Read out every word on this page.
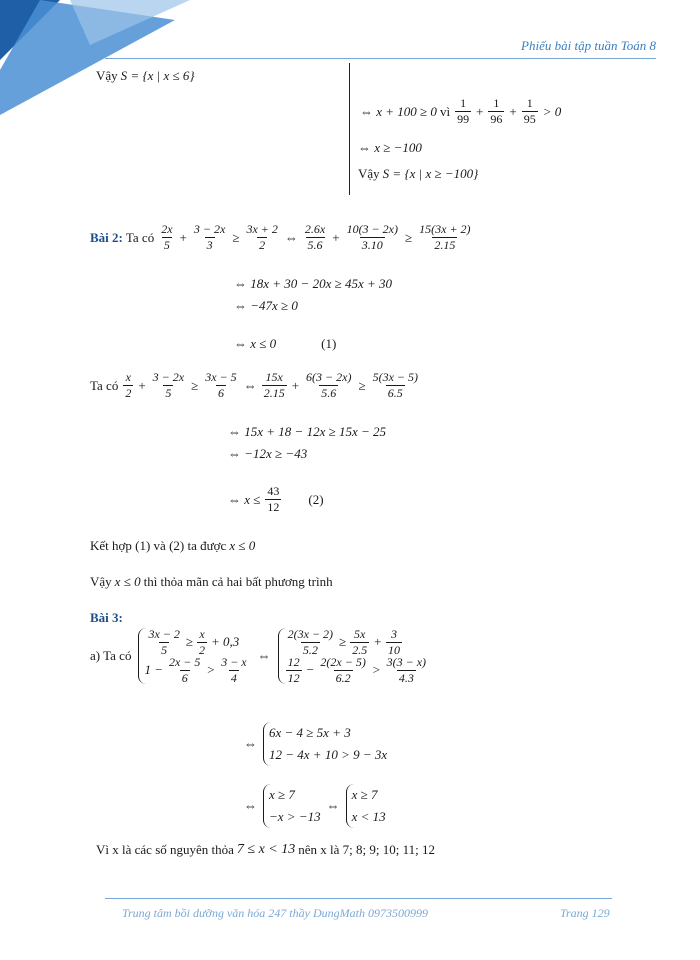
Phiếu bài tập tuần Toán 8
Vậy S = {x | x ≤ 6}
⇔ x + 100 ≥ 0 vì $\frac{1}{99} + \frac{1}{96} + \frac{1}{95} > 0$
⇔ x ≥ −100
Vậy S = {x | x ≥ −100}
Bài 2: Ta có $\frac{2x}{5} + \frac{3 - 2x}{3} \ge \frac{3x + 2}{2}$ ⇔ $\frac{2.6x}{5.6} + \frac{10(3 - 2x)}{3.10} \ge \frac{15(3x + 2)}{2.15}$
⇔ 18x + 30 − 20x ≥ 45x + 30
⇔ −47x ≥ 0
⇔ x ≤ 0	(1)
Ta có $\frac{x}{2} + \frac{3 - 2x}{5} \ge \frac{3x - 5}{6}$ ⇔ $\frac{15x}{2.15} + \frac{6(3 - 2x)}{5.6} \ge \frac{5(3x - 5)}{6.5}$
⇔ 15x + 18 − 12x ≥ 15x − 25
⇔ −12x ≥ −43
⇔ $x \le \frac{43}{12} (2)$
Kết hợp (1) và (2) ta được x ≤ 0
Vậy x ≤ 0 thì thỏa mãn cả hai bất phương trình
Bài 3:
a) Ta có $\frac{3x - 2}{5} \ge \frac{x}{2} + 0,3$
$1 - \frac{2x - 5}{6} > \frac{3 - x}{4}$ ⇔ $\frac{2(3x - 2)}{5.2} \ge \frac{5x}{2.5} + \frac{3}{10}$
$\frac{12}{12} - \frac{2(2x - 5)}{6.2} > \frac{3(3 - x)}{4.3}$
⇔
6x − 4 ≥ 5x + 3
12 − 4x + 10 > 9 − 3x
⇔
x ≥ 7
−x > −13
⇔
x ≥ 7
x < 13
Vì x là các số nguyên thỏa 7 ≤ x < 13 nên x là 7; 8; 9; 10; 11; 12
Trung tâm bồi dưỡng văn hóa 247 thầy DungMath 0973500999	Trang 129
